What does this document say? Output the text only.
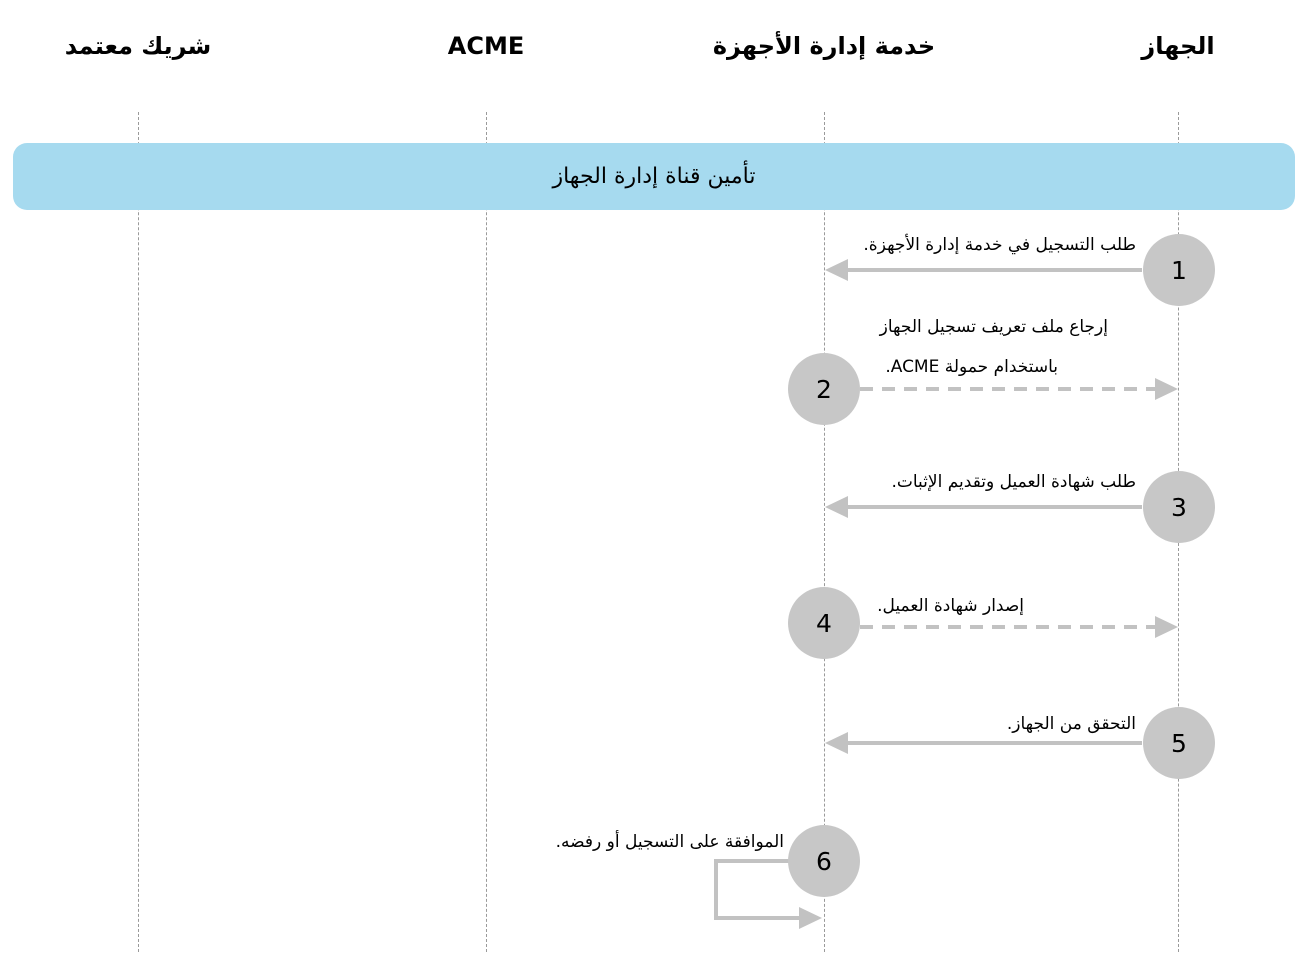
الجهاز
خدمة إدارة الأجهزة
ACME
شريك معتمد
تأمين قناة إدارة الجهاز
1
2
3
4
5
6
طلب التسجيل في خدمة إدارة الأجهزة.
إرجاع ملف تعريف تسجيل الجهاز
باستخدام حمولة ACME.
طلب شهادة العميل وتقديم الإثبات.
إصدار شهادة العميل.
التحقق من الجهاز.
الموافقة على التسجيل أو رفضه.
